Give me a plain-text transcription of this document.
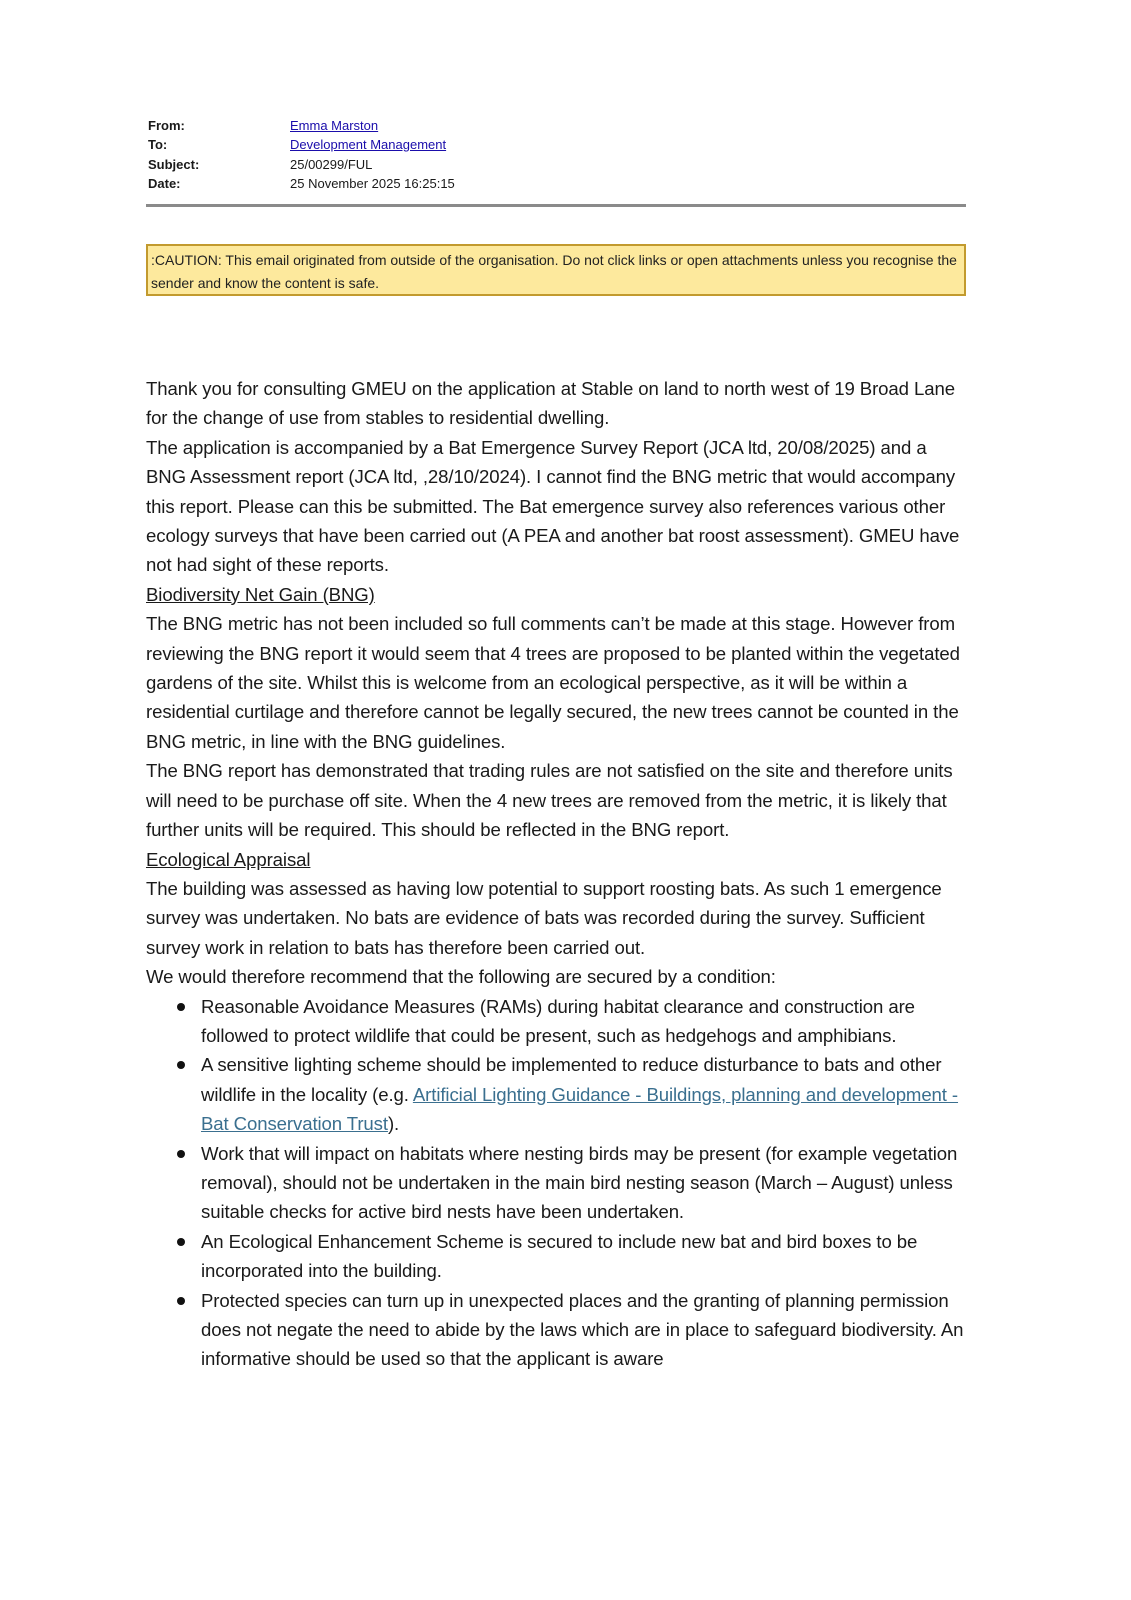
From:	Emma Marston
To:	Development Management
Subject:	25/00299/FUL
Date:	25 November 2025 16:25:15
:CAUTION: This email originated from outside of the organisation. Do not click links or open attachments unless you recognise the sender and know the content is safe.

Thank you for consulting GMEU on the application at Stable on land to north west of 19 Broad Lane for the change of use from stables to residential dwelling.

The application is accompanied by a Bat Emergence Survey Report (JCA ltd, 20/08/2025) and a BNG Assessment report (JCA ltd, ,28/10/2024). I cannot find the BNG metric that would accompany this report. Please can this be submitted. The Bat emergence survey also references various other ecology surveys that have been carried out (A PEA and another bat roost assessment). GMEU have not had sight of these reports.

Biodiversity Net Gain (BNG)

The BNG metric has not been included so full comments can’t be made at this stage. However from reviewing the BNG report it would seem that 4 trees are proposed to be planted within the vegetated gardens of the site. Whilst this is welcome from an ecological perspective, as it will be within a residential curtilage and therefore cannot be legally secured, the new trees cannot be counted in the BNG metric, in line with the BNG guidelines.

The BNG report has demonstrated that trading rules are not satisfied on the site and therefore units will need to be purchase off site. When the 4 new trees are removed from the metric, it is likely that further units will be required. This should be reflected in the BNG report.

Ecological Appraisal

The building was assessed as having low potential to support roosting bats. As such 1 emergence survey was undertaken. No bats are evidence of bats was recorded during the survey. Sufficient survey work in relation to bats has therefore been carried out.

We would therefore recommend that the following are secured by a condition:

Reasonable Avoidance Measures (RAMs) during habitat clearance and construction are followed to protect wildlife that could be present, such as hedgehogs and amphibians.
A sensitive lighting scheme should be implemented to reduce disturbance to bats and other wildlife in the locality (e.g. Artificial Lighting Guidance - Buildings, planning and development - Bat Conservation Trust).
Work that will impact on habitats where nesting birds may be present (for example vegetation removal), should not be undertaken in the main bird nesting season (March – August) unless suitable checks for active bird nests have been undertaken.
An Ecological Enhancement Scheme is secured to include new bat and bird boxes to be incorporated into the building.
Protected species can turn up in unexpected places and the granting of planning permission does not negate the need to abide by the laws which are in place to safeguard biodiversity. An informative should be used so that the applicant is aware
